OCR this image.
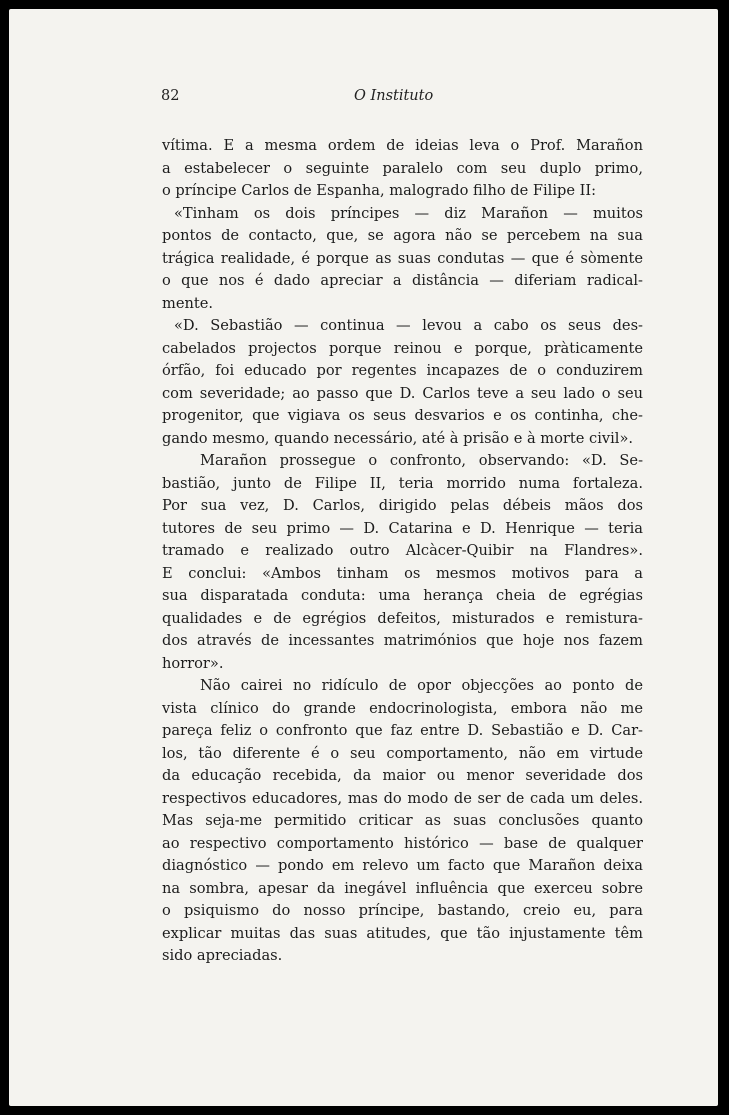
82	O Instituto
vítima. E a mesma ordem de ideias leva o Prof. Marañon
a estabelecer o seguinte paralelo com seu duplo primo,
o príncipe Carlos de Espanha, malogrado filho de Filipe II:
«Tinham os dois príncipes — diz Marañon — muitos
pontos de contacto, que, se agora não se percebem na sua
trágica realidade, é porque as suas condutas — que é sòmente
o que nos é dado apreciar a distância — diferiam radical-
mente.
«D. Sebastião — continua — levou a cabo os seus des-
cabelados projectos porque reinou e porque, pràticamente
órfão, foi educado por regentes incapazes de o conduzirem
com severidade; ao passo que D. Carlos teve a seu lado o seu
progenitor, que vigiava os seus desvarios e os continha, che-
gando mesmo, quando necessário, até à prisão e à morte civil».
Marañon prossegue o confronto, observando: «D. Se-
bastião, junto de Filipe II, teria morrido numa fortaleza.
Por sua vez, D. Carlos, dirigido pelas débeis mãos dos
tutores de seu primo — D. Catarina e D. Henrique — teria
tramado e realizado outro Alcàcer-Quibir na Flandres».
E conclui: «Ambos tinham os mesmos motivos para a
sua disparatada conduta: uma herança cheia de egrégias
qualidades e de egrégios defeitos, misturados e remistura-
dos através de incessantes matrimónios que hoje nos fazem
horror».
Não cairei no ridículo de opor objecções ao ponto de
vista clínico do grande endocrinologista, embora não me
pareça feliz o confronto que faz entre D. Sebastião e D. Car-
los, tão diferente é o seu comportamento, não em virtude
da educação recebida, da maior ou menor severidade dos
respectivos educadores, mas do modo de ser de cada um deles.
Mas seja-me permitido criticar as suas conclusões quanto
ao respectivo comportamento histórico — base de qualquer
diagnóstico — pondo em relevo um facto que Marañon deixa
na sombra, apesar da inegável influência que exerceu sobre
o psiquismo do nosso príncipe, bastando, creio eu, para
explicar muitas das suas atitudes, que tão injustamente têm
sido apreciadas.
